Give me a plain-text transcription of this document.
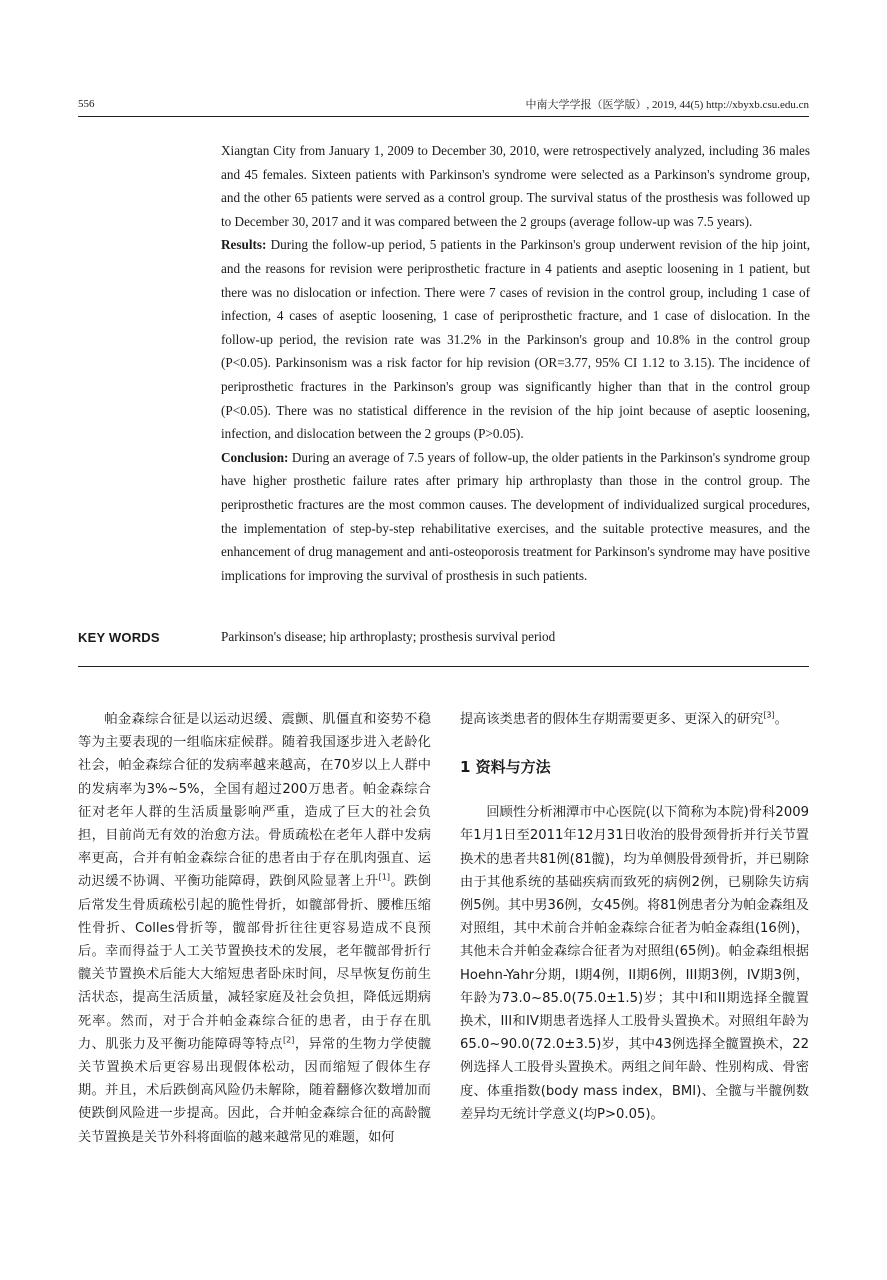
556	中南大学学报（医学版）, 2019, 44(5) http://xbyxb.csu.edu.cn

Xiangtan City from January 1, 2009 to December 30, 2010, were retrospectively analyzed, including 36 males and 45 females. Sixteen patients with Parkinson's syndrome were selected as a Parkinson's syndrome group, and the other 65 patients were served as a control group. The survival status of the prosthesis was followed up to December 30, 2017 and it was compared between the 2 groups (average follow-up was 7.5 years).

Results: During the follow-up period, 5 patients in the Parkinson's group underwent revision of the hip joint, and the reasons for revision were periprosthetic fracture in 4 patients and aseptic loosening in 1 patient, but there was no dislocation or infection. There were 7 cases of revision in the control group, including 1 case of infection, 4 cases of aseptic loosening, 1 case of periprosthetic fracture, and 1 case of dislocation. In the follow-up period, the revision rate was 31.2% in the Parkinson's group and 10.8% in the control group (P<0.05). Parkinsonism was a risk factor for hip revision (OR=3.77, 95% CI 1.12 to 3.15). The incidence of periprosthetic fractures in the Parkinson's group was significantly higher than that in the control group (P<0.05). There was no statistical difference in the revision of the hip joint because of aseptic loosening, infection, and dislocation between the 2 groups (P>0.05).

Conclusion: During an average of 7.5 years of follow-up, the older patients in the Parkinson's syndrome group have higher prosthetic failure rates after primary hip arthroplasty than those in the control group. The periprosthetic fractures are the most common causes. The development of individualized surgical procedures, the implementation of step-by-step rehabilitative exercises, and the suitable protective measures, and the enhancement of drug management and anti-osteoporosis treatment for Parkinson's syndrome may have positive implications for improving the survival of prosthesis in such patients.

KEY WORDS	Parkinson's disease; hip arthroplasty; prosthesis survival period

帕金森综合征是以运动迟缓、震颤、肌僵直和姿势不稳等为主要表现的一组临床症候群。随着我国逐步进入老龄化社会，帕金森综合征的发病率越来越高，在70岁以上人群中的发病率为3%~5%，全国有超过200万患者。帕金森综合征对老年人群的生活质量影响严重，造成了巨大的社会负担，目前尚无有效的治愈方法。骨质疏松在老年人群中发病率更高，合并有帕金森综合征的患者由于存在肌肉强直、运动迟缓不协调、平衡功能障碍，跌倒风险显著上升[1]。跌倒后常发生骨质疏松引起的脆性骨折，如髋部骨折、腰椎压缩性骨折、Colles骨折等，髋部骨折往往更容易造成不良预后。幸而得益于人工关节置换技术的发展，老年髋部骨折行髋关节置换术后能大大缩短患者卧床时间，尽早恢复伤前生活状态，提高生活质量，减轻家庭及社会负担，降低远期病死率。然而，对于合并帕金森综合征的患者，由于存在肌力、肌张力及平衡功能障碍等特点[2]，异常的生物力学使髋关节置换术后更容易出现假体松动，因而缩短了假体生存期。并且，术后跌倒高风险仍未解除，随着翻修次数增加而使跌倒风险进一步提高。因此，合并帕金森综合征的高龄髋关节置换是关节外科将面临的越来越常见的难题，如何

提高该类患者的假体生存期需要更多、更深入的研究[3]。

1 资料与方法

回顾性分析湘潭市中心医院(以下简称为本院)骨科2009年1月1日至2011年12月31日收治的股骨颈骨折并行关节置换术的患者共81例(81髋)，均为单侧股骨颈骨折，并已剔除由于其他系统的基础疾病而致死的病例2例，已剔除失访病例5例。其中男36例，女45例。将81例患者分为帕金森组及对照组，其中术前合并帕金森综合征者为帕金森组(16例)，其他未合并帕金森综合征者为对照组(65例)。帕金森组根据Hoehn-Yahr分期，I期4例，II期6例，III期3例，IV期3例，年龄为73.0~85.0(75.0±1.5)岁；其中I和II期选择全髋置换术，III和IV期患者选择人工股骨头置换术。对照组年龄为65.0~90.0(72.0±3.5)岁，其中43例选择全髋置换术，22例选择人工股骨头置换术。两组之间年龄、性别构成、骨密度、体重指数(body mass index，BMI)、全髋与半髋例数差异均无统计学意义(均P>0.05)。
